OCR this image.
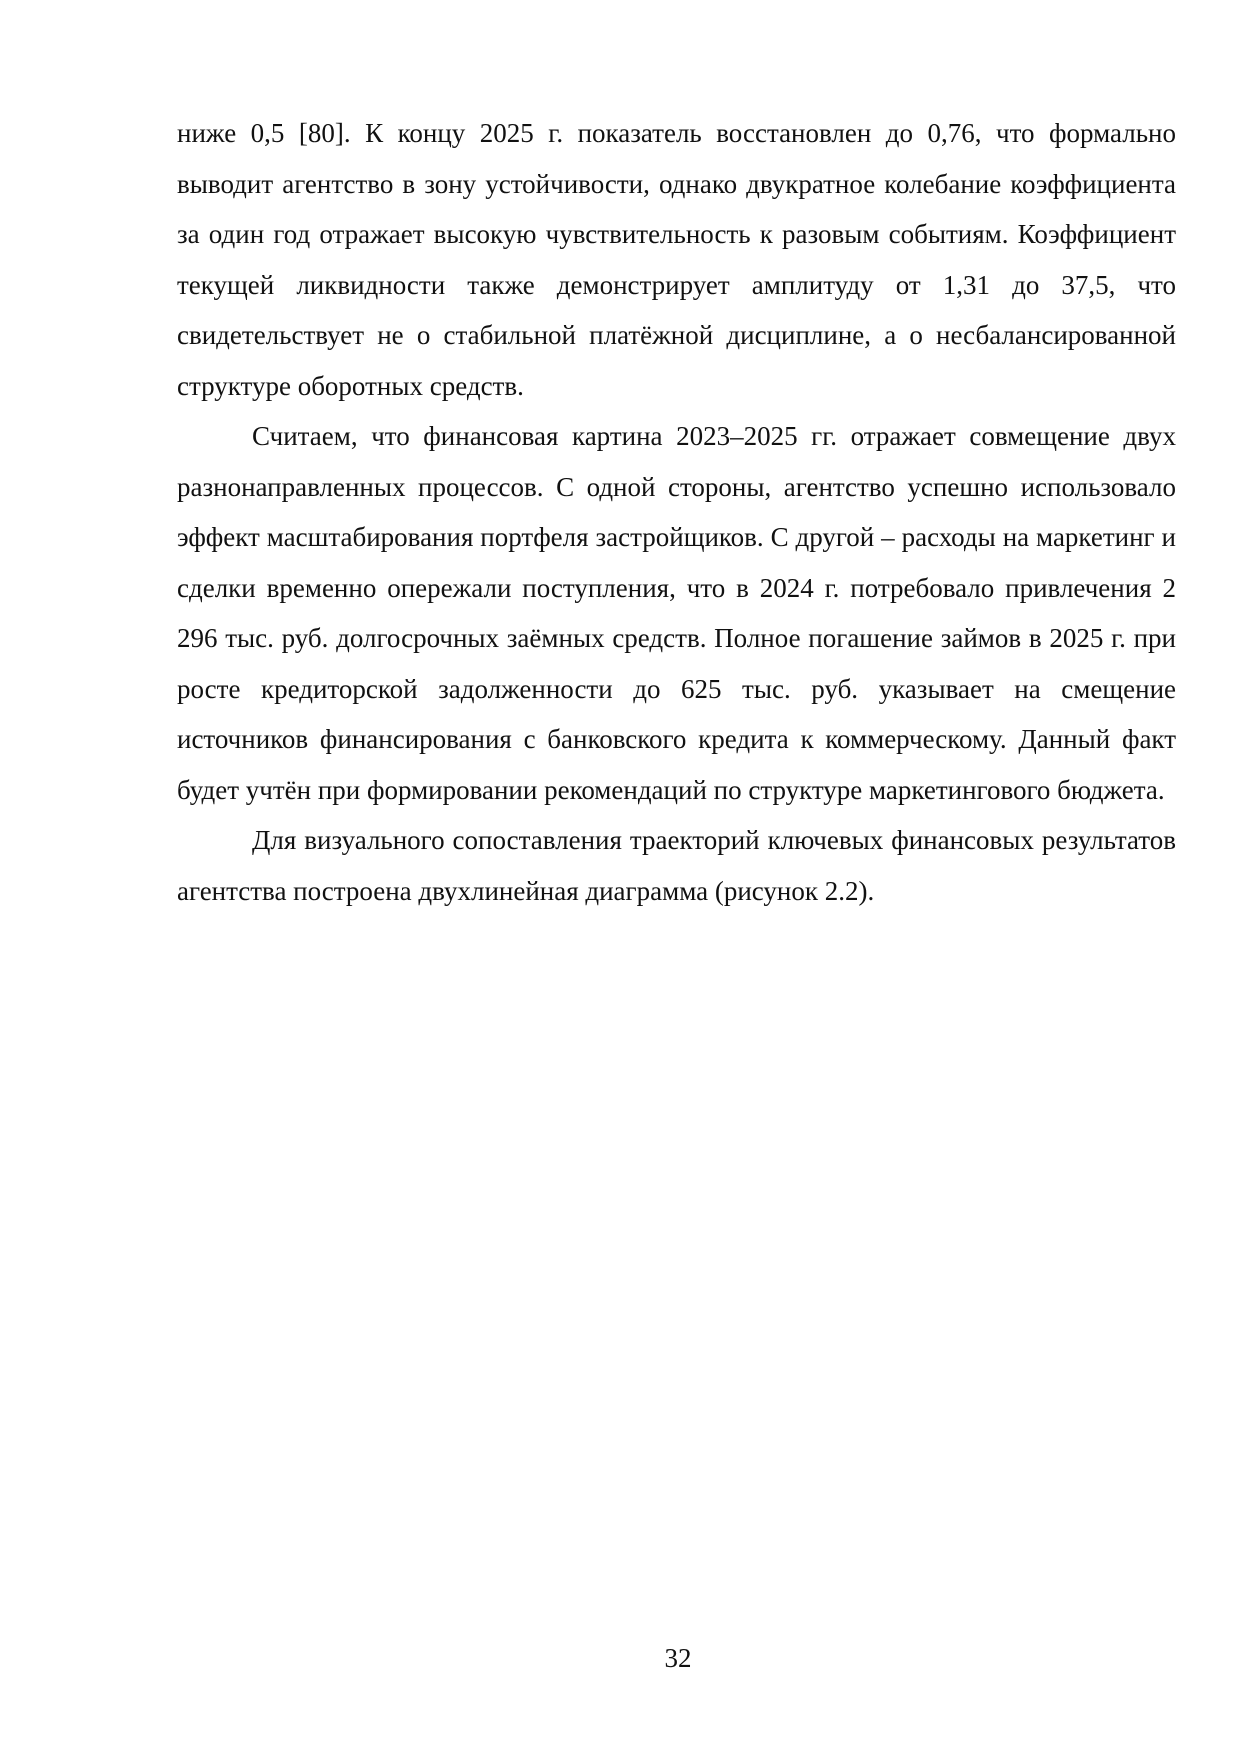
ниже 0,5 [80]. К концу 2025 г. показатель восстановлен до 0,76, что формально выводит агентство в зону устойчивости, однако двукратное колебание коэффициента за один год отражает высокую чувствительность к разовым событиям. Коэффициент текущей ликвидности также демонстрирует амплитуду от 1,31 до 37,5, что свидетельствует не о стабильной платёжной дисциплине, а о несбалансированной структуре оборотных средств.

Считаем, что финансовая картина 2023–2025 гг. отражает совмещение двух разнонаправленных процессов. С одной стороны, агентство успешно использовало эффект масштабирования портфеля застройщиков. С другой – расходы на маркетинг и сделки временно опережали поступления, что в 2024 г. потребовало привлечения 2 296 тыс. руб. долгосрочных заёмных средств. Полное погашение займов в 2025 г. при росте кредиторской задолженности до 625 тыс. руб. указывает на смещение источников финансирования с банковского кредита к коммерческому. Данный факт будет учтён при формировании рекомендаций по структуре маркетингового бюджета.

Для визуального сопоставления траекторий ключевых финансовых результатов агентства построена двухлинейная диаграмма (рисунок 2.2).

32
